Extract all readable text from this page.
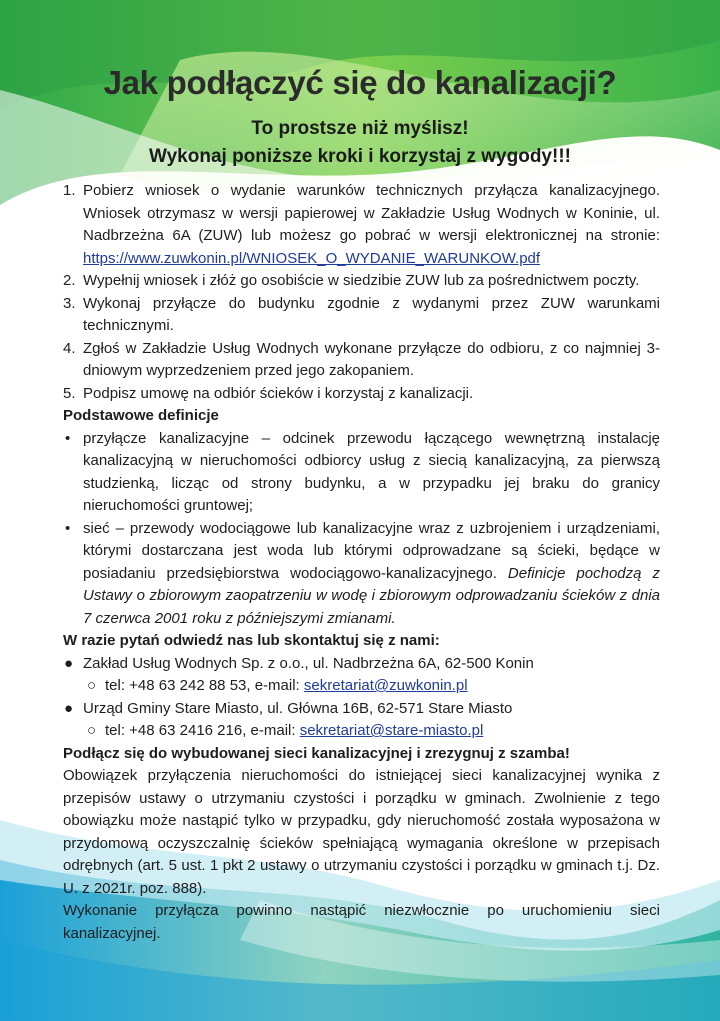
Jak podłączyć się do kanalizacji?

To prostsze niż myślisz!

Wykonaj poniższe kroki i korzystaj z wygody!!!

1. Pobierz wniosek o wydanie warunków technicznych przyłącza kanalizacyjnego. Wniosek otrzymasz w wersji papierowej w Zakładzie Usług Wodnych w Koninie, ul. Nadbrzeżna 6A (ZUW) lub możesz go pobrać w wersji elektronicznej na stronie: https://www.zuwkonin.pl/WNIOSEK_O_WYDANIE_WARUNKOW.pdf
2. Wypełnij wniosek i złóż go osobiście w siedzibie ZUW lub za pośrednictwem poczty.
3. Wykonaj przyłącze do budynku zgodnie z wydanymi przez ZUW warunkami technicznymi.
4. Zgłoś w Zakładzie Usług Wodnych wykonane przyłącze do odbioru, z co najmniej 3-dniowym wyprzedzeniem przed jego zakopaniem.
5. Podpisz umowę na odbiór ścieków i korzystaj z kanalizacji.
Podstawowe definicje
• przyłącze kanalizacyjne – odcinek przewodu łączącego wewnętrzną instalację kanalizacyjną w nieruchomości odbiorcy usług z siecią kanalizacyjną, za pierwszą studzienką, licząc od strony budynku, a w przypadku jej braku do granicy nieruchomości gruntowej;
• sieć – przewody wodociągowe lub kanalizacyjne wraz z uzbrojeniem i urządzeniami, którymi dostarczana jest woda lub którymi odprowadzane są ścieki, będące w posiadaniu przedsiębiorstwa wodociągowo-kanalizacyjnego. Definicje pochodzą z Ustawy o zbiorowym zaopatrzeniu w wodę i zbiorowym odprowadzaniu ścieków z dnia 7 czerwca 2001 roku z późniejszymi zmianami.
W razie pytań odwiedź nas lub skontaktuj się z nami:
● Zakład Usług Wodnych Sp. z o.o., ul. Nadbrzeżna 6A, 62-500 Konin
○ tel: +48 63 242 88 53, e-mail: sekretariat@zuwkonin.pl
● Urząd Gminy Stare Miasto, ul. Główna 16B, 62-571 Stare Miasto
○ tel: +48 63 2416 216, e-mail: sekretariat@stare-miasto.pl
Podłącz się do wybudowanej sieci kanalizacyjnej i zrezygnuj z szamba!
Obowiązek przyłączenia nieruchomości do istniejącej sieci kanalizacyjnej wynika z przepisów ustawy o utrzymaniu czystości i porządku w gminach. Zwolnienie z tego obowiązku może nastąpić tylko w przypadku, gdy nieruchomość została wyposażona w przydomową oczyszczalnię ścieków spełniającą wymagania określone w przepisach odrębnych (art. 5 ust. 1 pkt 2 ustawy o utrzymaniu czystości i porządku w gminach t.j. Dz. U. z 2021r. poz. 888).
Wykonanie przyłącza powinno nastąpić niezwłocznie po uruchomieniu sieci kanalizacyjnej.
